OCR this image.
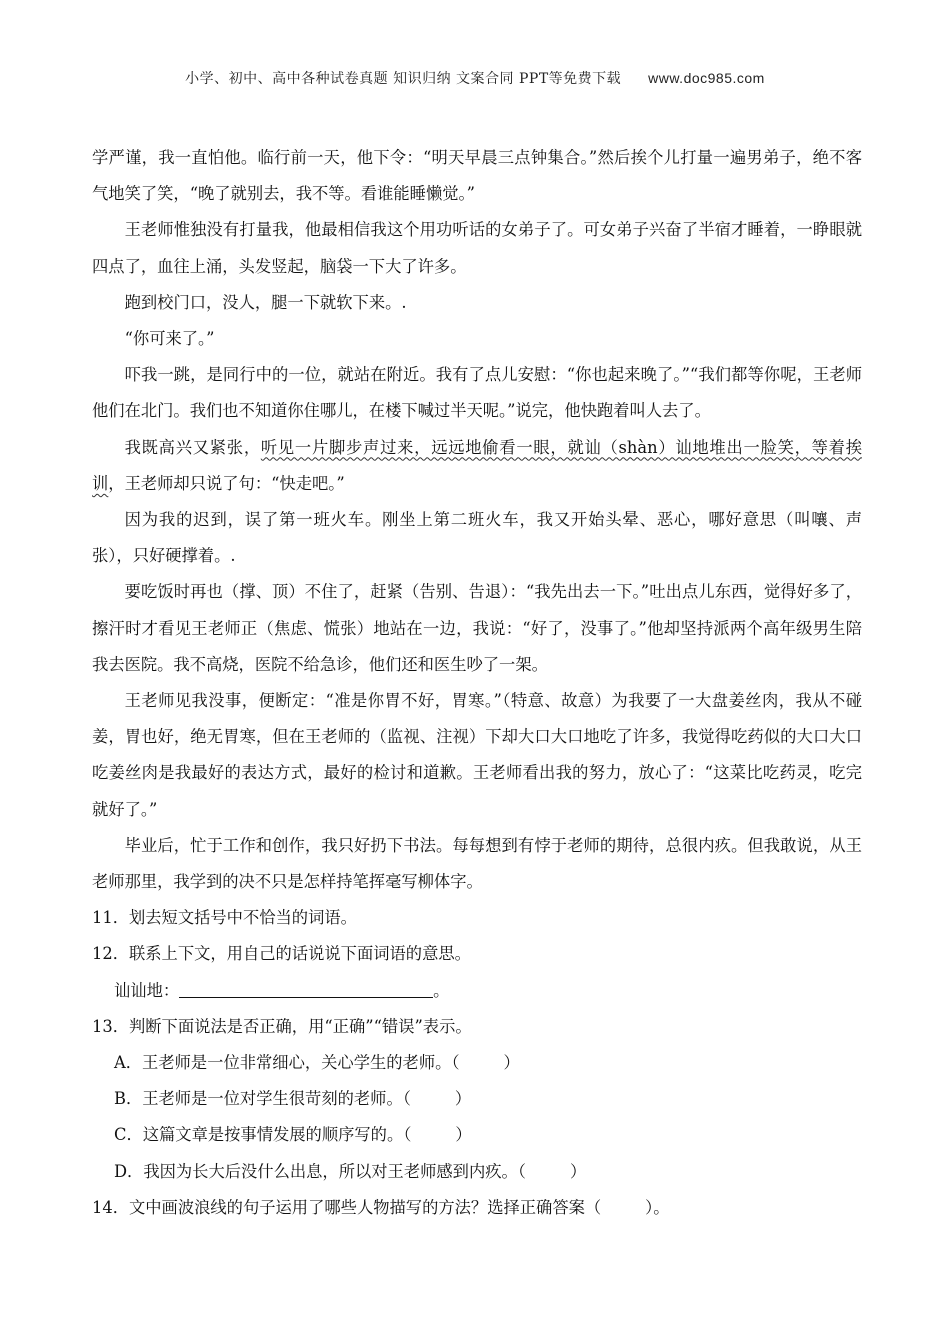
小学、初中、高中各种试卷真题 知识归纳 文案合同 PPT等免费下载 www.doc985.com

学严谨，我一直怕他。临行前一天，他下令：“明天早晨三点钟集合。”然后挨个儿打量一遍男弟子，绝不客气地笑了笑，“晚了就别去，我不等。看谁能睡懒觉。”

王老师惟独没有打量我，他最相信我这个用功听话的女弟子了。可女弟子兴奋了半宿才睡着，一睁眼就四点了，血往上涌，头发竖起，脑袋一下大了许多。

跑到校门口，没人，腿一下就软下来。.

“你可来了。”

吓我一跳，是同行中的一位，就站在附近。我有了点儿安慰：“你也起来晚了。”“我们都等你呢，王老师他们在北门。我们也不知道你住哪儿，在楼下喊过半天呢。”说完，他快跑着叫人去了。

我既高兴又紧张，听见一片脚步声过来，远远地偷看一眼，就讪（shàn）讪地堆出一脸笑，等着挨训，王老师却只说了句：“快走吧。”

因为我的迟到，误了第一班火车。刚坐上第二班火车，我又开始头晕、恶心，哪好意思（叫嚷、声张），只好硬撑着。.

要吃饭时再也（撑、顶）不住了，赶紧（告别、告退）：“我先出去一下。”吐出点儿东西，觉得好多了，擦汗时才看见王老师正（焦虑、慌张）地站在一边，我说：“好了，没事了。”他却坚持派两个高年级男生陪我去医院。我不高烧，医院不给急诊，他们还和医生吵了一架。

王老师见我没事，便断定：“准是你胃不好，胃寒。”（特意、故意）为我要了一大盘姜丝肉，我从不碰姜，胃也好，绝无胃寒，但在王老师的（监视、注视）下却大口大口地吃了许多，我觉得吃药似的大口大口吃姜丝肉是我最好的表达方式，最好的检讨和道歉。王老师看出我的努力，放心了：“这菜比吃药灵，吃完就好了。”

毕业后，忙于工作和创作，我只好扔下书法。每每想到有悖于老师的期待，总很内疚。但我敢说，从王老师那里，我学到的决不只是怎样持笔挥毫写柳体字。

11．划去短文括号中不恰当的词语。

12．联系上下文，用自己的话说说下面词语的意思。

讪讪地：	。

13．判断下面说法是否正确，用“正确”“错误”表示。

A．王老师是一位非常细心，关心学生的老师。（	）

B．王老师是一位对学生很苛刻的老师。（	）

C．这篇文章是按事情发展的顺序写的。（	）

D．我因为长大后没什么出息，所以对王老师感到内疚。（	）

14．文中画波浪线的句子运用了哪些人物描写的方法？选择正确答案（	）。
